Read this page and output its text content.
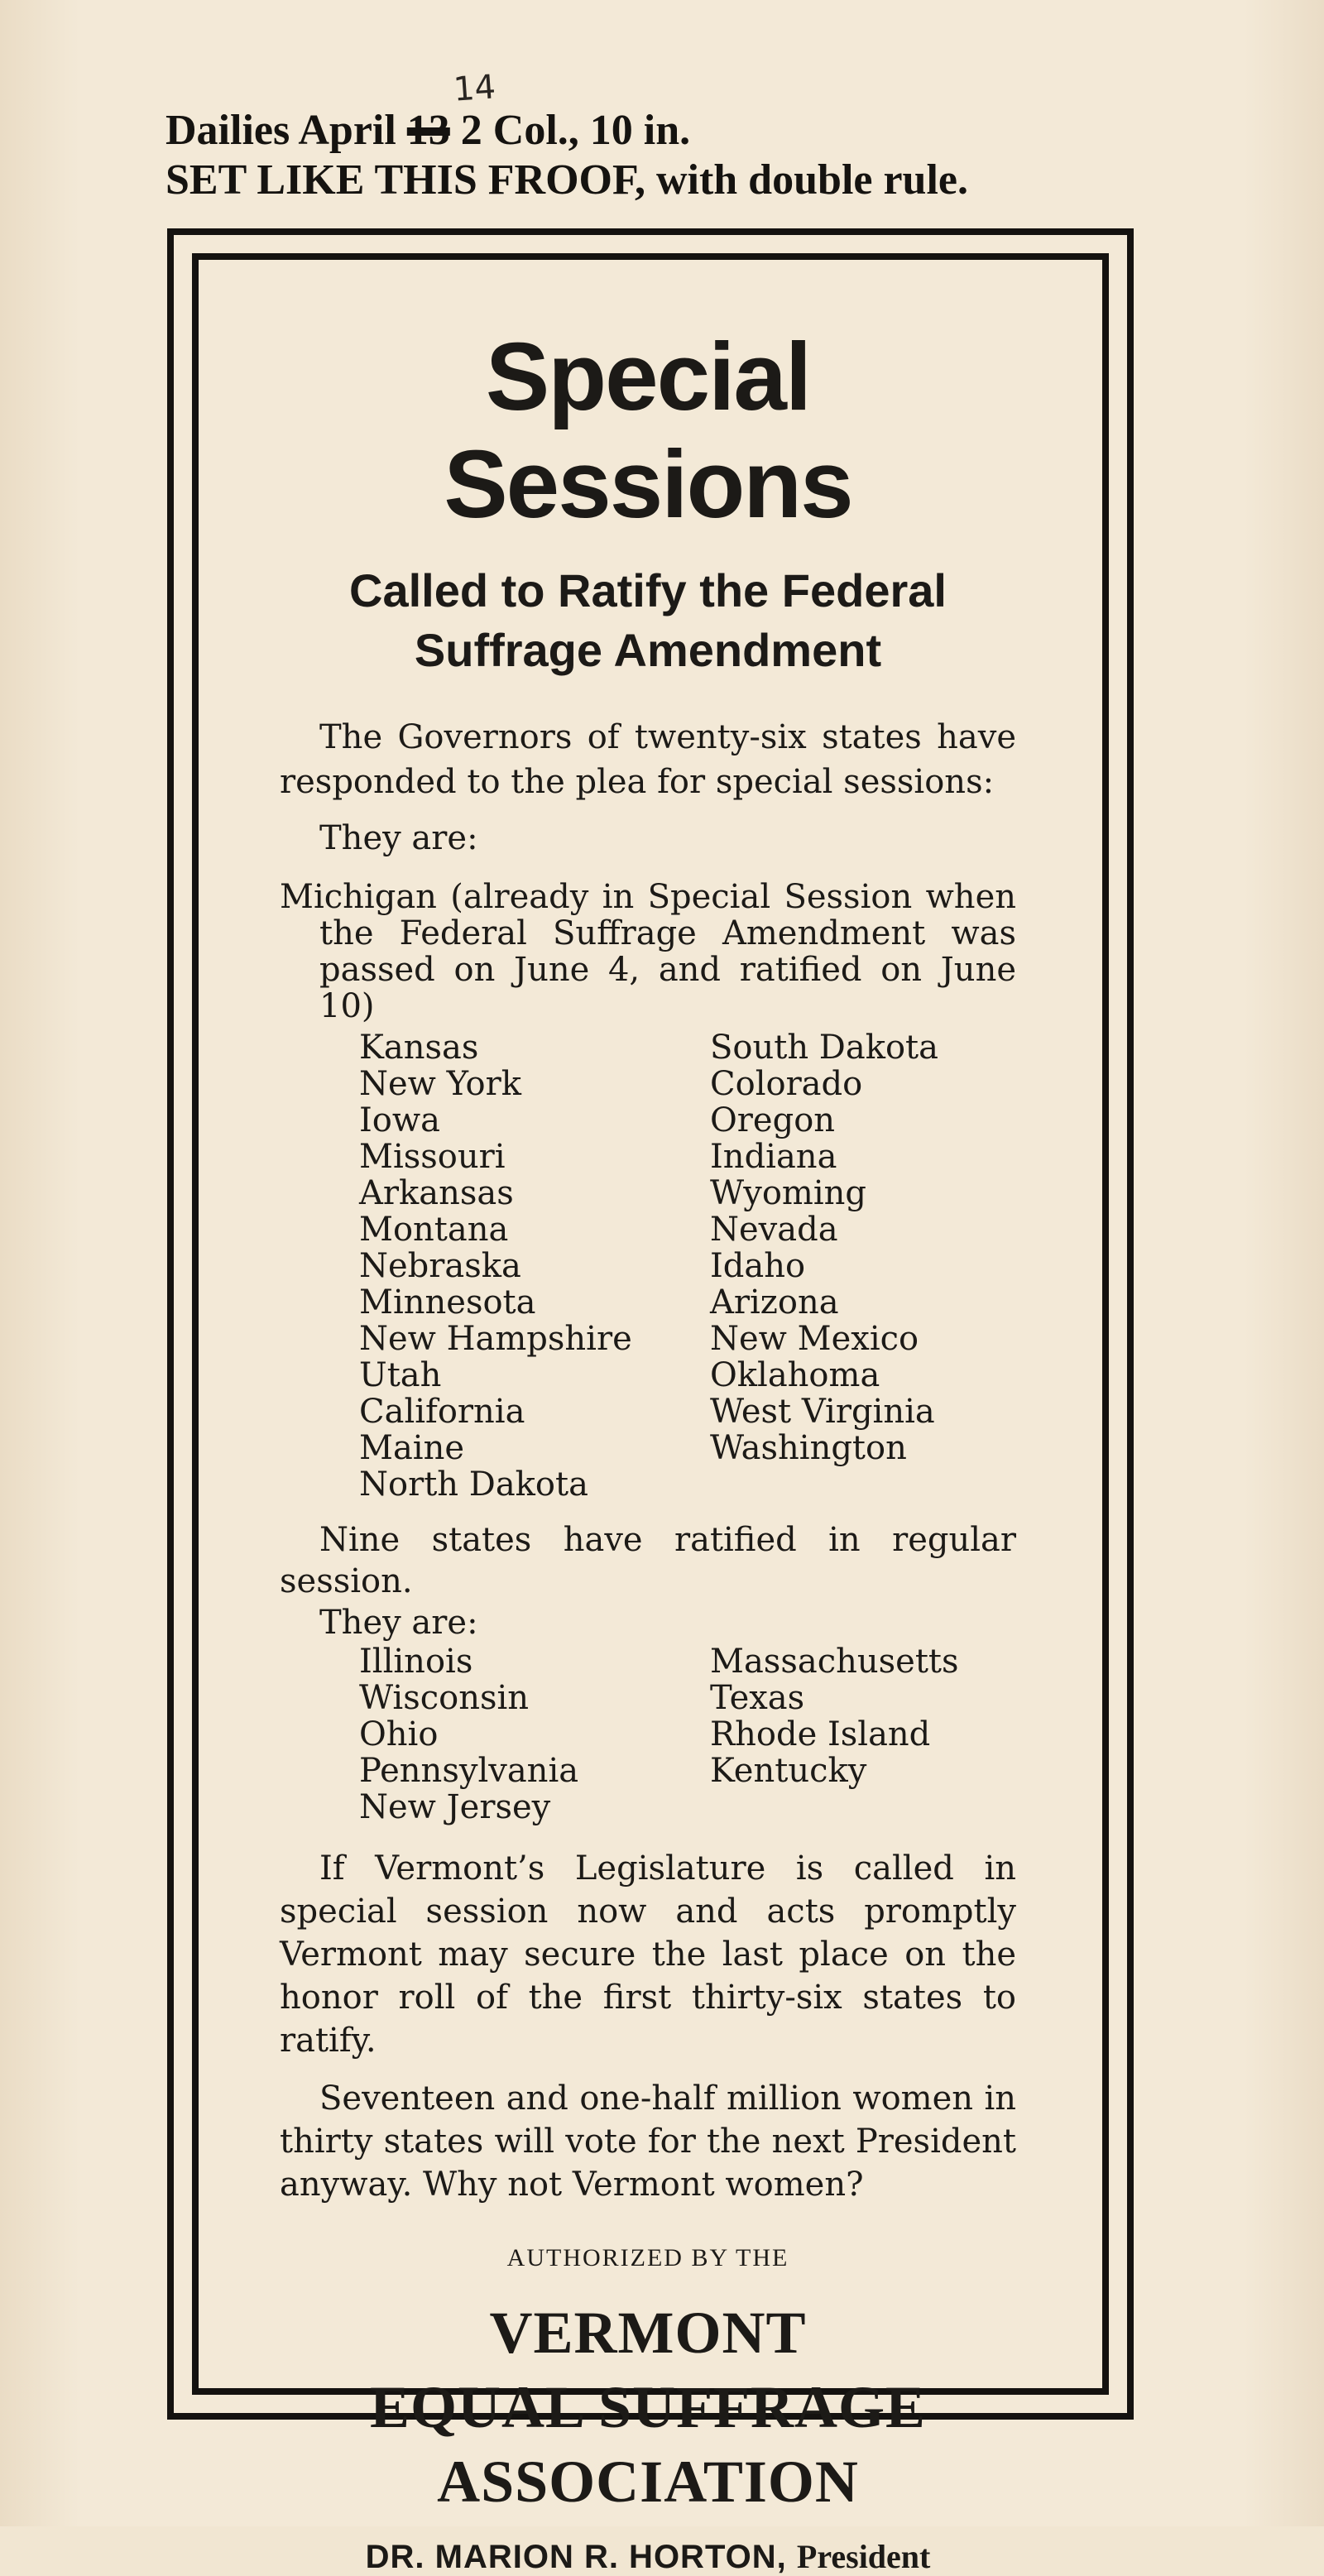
14
Dailies April 13 2 Col., 10 in.
SET LIKE THIS FROOF, with double rule.
Special Sessions
Called to Ratify the Federal
Suffrage Amendment

The Governors of twenty-six states have responded to the plea for special sessions:

They are:

Michigan (already in Special Session when the Federal Suffrage Amendment was passed on June 4, and ratified on June 10)

Kansas
New York
Iowa
Missouri
Arkansas
Montana
Nebraska
Minnesota
New Hampshire
Utah
California
Maine
North Dakota
South Dakota
Colorado
Oregon
Indiana
Wyoming
Nevada
Idaho
Arizona
New Mexico
Oklahoma
West Virginia
Washington

Nine states have ratified in regular session.

They are:

Illinois
Wisconsin
Ohio
Pennsylvania
New Jersey
Massachusetts
Texas
Rhode Island
Kentucky

If Vermont’s Legislature is called in special session now and acts promptly Vermont may secure the last place on the honor roll of the first thirty-six states to ratify.

Seventeen and one-half million women in thirty states will vote for the next President anyway. Why not Vermont women?

AUTHORIZED BY THE
VERMONT
EQUAL SUFFRAGE
ASSOCIATION
DR. MARION R. HORTON, President
